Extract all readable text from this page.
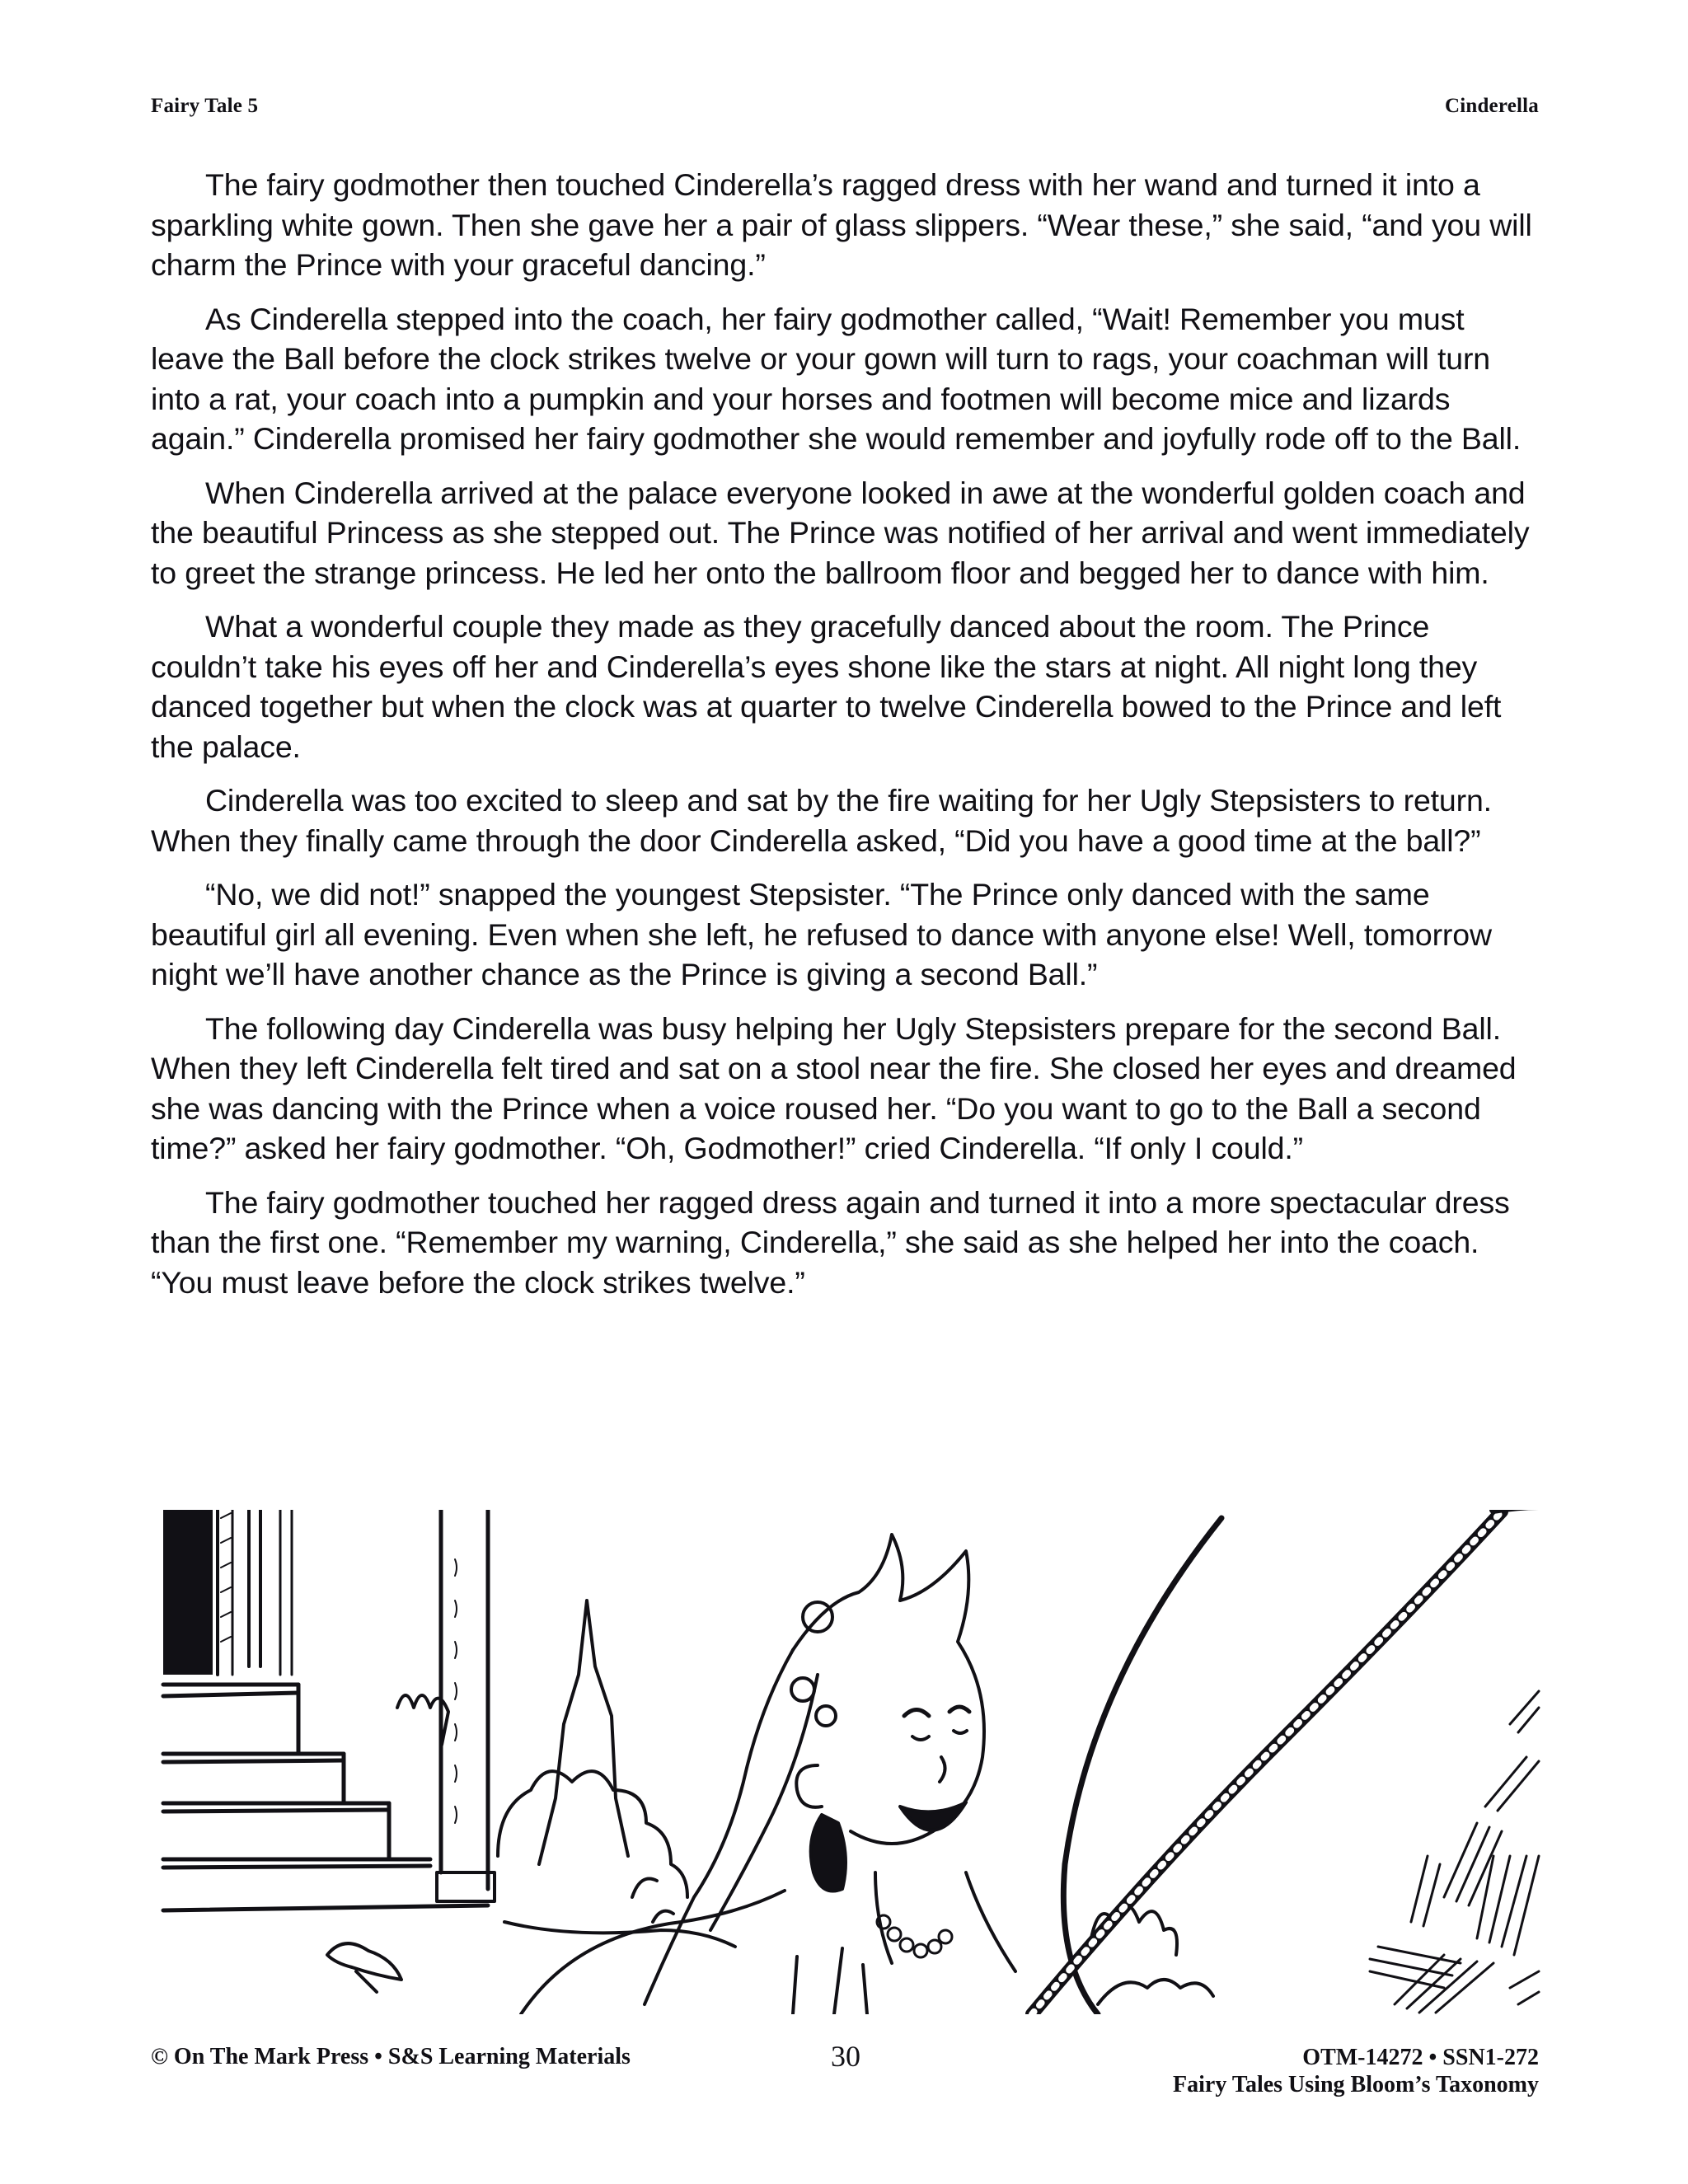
Fairy Tale 5	Cinderella

The fairy godmother then touched Cinderella’s ragged dress with her wand and turned it into a sparkling white gown. Then she gave her a pair of glass slippers. “Wear these,” she said, “and you will charm the Prince with your graceful dancing.”

As Cinderella stepped into the coach, her fairy godmother called, “Wait! Remember you must leave the Ball before the clock strikes twelve or your gown will turn to rags, your coachman will turn into a rat, your coach into a pumpkin and your horses and footmen will become mice and lizards again.” Cinderella promised her fairy godmother she would remember and joyfully rode off to the Ball.

When Cinderella arrived at the palace everyone looked in awe at the wonderful golden coach and the beautiful Princess as she stepped out. The Prince was notified of her arrival and went immediately to greet the strange princess. He led her onto the ballroom floor and begged her to dance with him.

What a wonderful couple they made as they gracefully danced about the room. The Prince couldn’t take his eyes off her and Cinderella’s eyes shone like the stars at night. All night long they danced together but when the clock was at quarter to twelve Cinderella bowed to the Prince and left the palace.

Cinderella was too excited to sleep and sat by the fire waiting for her Ugly Stepsisters to return. When they finally came through the door Cinderella asked, “Did you have a good time at the ball?”

“No, we did not!” snapped the youngest Stepsister. “The Prince only danced with the same beautiful girl all evening. Even when she left, he refused to dance with anyone else! Well, tomorrow night we’ll have another chance as the Prince is giving a second Ball.”

The following day Cinderella was busy helping her Ugly Stepsisters prepare for the second Ball. When they left Cinderella felt tired and sat on a stool near the fire. She closed her eyes and dreamed she was dancing with the Prince when a voice roused her. “Do you want to go to the Ball a second time?” asked her fairy godmother. “Oh, Godmother!” cried Cinderella. “If only I could.”

The fairy godmother touched her ragged dress again and turned it into a more spectacular dress than the first one. “Remember my warning, Cinderella,” she said as she helped her into the coach. “You must leave before the clock strikes twelve.”

© On The Mark Press • S&S Learning Materials	30	OTM-14272 • SSN1-272
Fairy Tales Using Bloom’s Taxonomy
